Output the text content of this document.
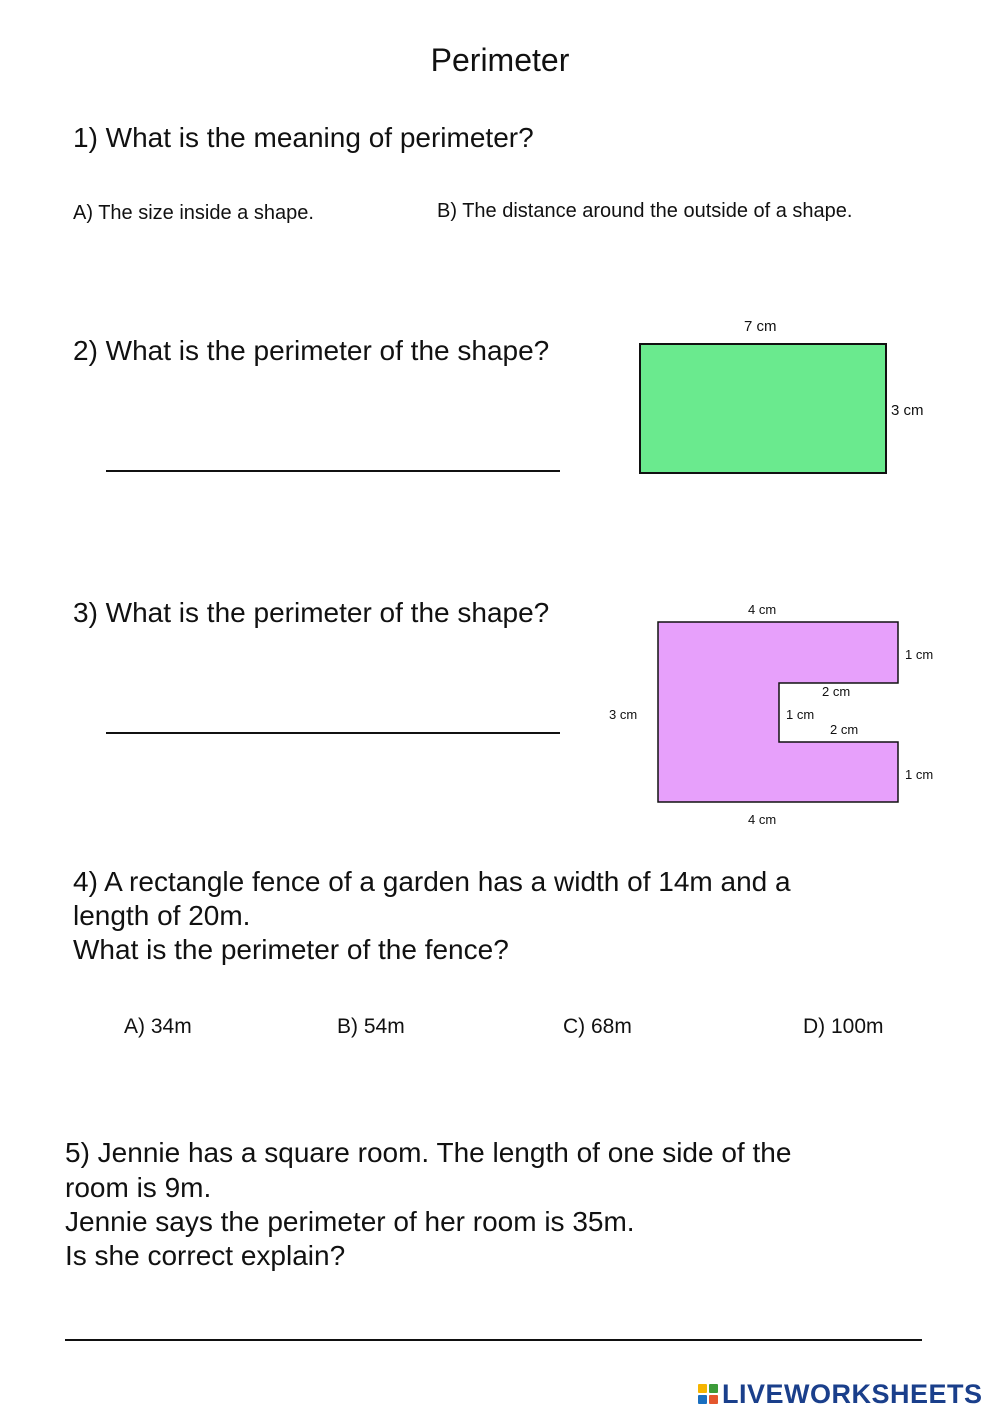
Perimeter
1) What is the meaning of perimeter?
A) The size inside a shape.	B) The distance around the outside of a shape.
2) What is the perimeter of the shape?
7 cm
3 cm
3) What is the perimeter of the shape?	4 cm
1 cm
3 cm
2 cm
1 cm
2 cm
1 cm
4 cm
4) A rectangle fence of a garden has a width of 14m and a
length of 20m.
What is the perimeter of the fence?
A) 34m	B) 54m	C) 68m	D) 100m
5) Jennie has a square room. The length of one side of the
room is 9m.
Jennie says the perimeter of her room is 35m.
Is she correct explain?
LIVEWORKSHEETS
